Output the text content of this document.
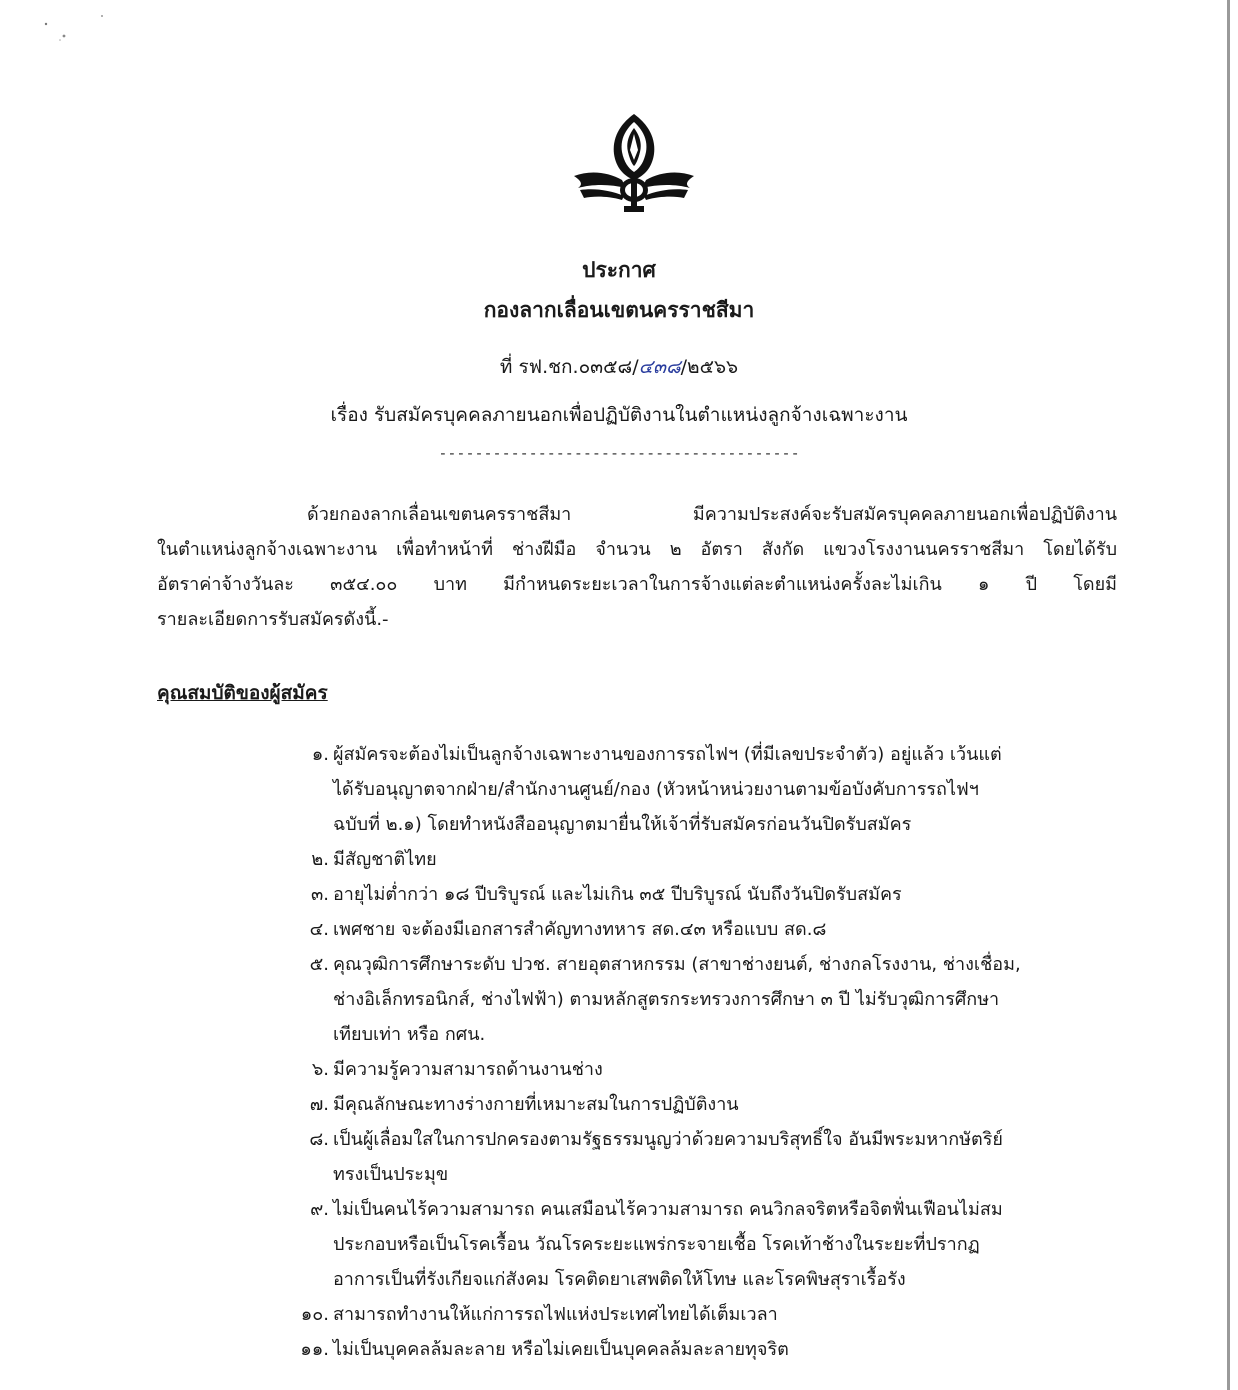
ประกาศ
กองลากเลื่อนเขตนครราชสีมา
ที่ รฟ.ชก.๐๓๕๘/๔๓๘/๒๕๖๖
เรื่อง รับสมัครบุคคลภายนอกเพื่อปฏิบัติงานในตำแหน่งลูกจ้างเฉพาะงาน
----------------------------------------
ด้วยกองลากเลื่อนเขตนครราชสีมา มีความประสงค์จะรับสมัครบุคคลภายนอกเพื่อปฏิบัติงาน
ในตำแหน่งลูกจ้างเฉพาะงาน เพื่อทำหน้าที่ ช่างฝีมือ จำนวน ๒ อัตรา สังกัด แขวงโรงงานนครราชสีมา โดยได้รับ
อัตราค่าจ้างวันละ ๓๕๔.๐๐ บาท มีกำหนดระยะเวลาในการจ้างแต่ละตำแหน่งครั้งละไม่เกิน ๑ ปี โดยมี
รายละเอียดการรับสมัครดังนี้.-
คุณสมบัติของผู้สมัคร
๑. ผู้สมัครจะต้องไม่เป็นลูกจ้างเฉพาะงานของการรถไฟฯ (ที่มีเลขประจำตัว) อยู่แล้ว เว้นแต่
ได้รับอนุญาตจากฝ่าย/สำนักงานศูนย์/กอง (หัวหน้าหน่วยงานตามข้อบังคับการรถไฟฯ
ฉบับที่ ๒.๑) โดยทำหนังสืออนุญาตมายื่นให้เจ้าที่รับสมัครก่อนวันปิดรับสมัคร
๒. มีสัญชาติไทย
๓. อายุไม่ต่ำกว่า ๑๘ ปีบริบูรณ์ และไม่เกิน ๓๕ ปีบริบูรณ์ นับถึงวันปิดรับสมัคร
๔. เพศชาย จะต้องมีเอกสารสำคัญทางทหาร สด.๔๓ หรือแบบ สด.๘
๕. คุณวุฒิการศึกษาระดับ ปวช. สายอุตสาหกรรม (สาขาช่างยนต์, ช่างกลโรงงาน, ช่างเชื่อม,
ช่างอิเล็กทรอนิกส์, ช่างไฟฟ้า) ตามหลักสูตรกระทรวงการศึกษา ๓ ปี ไม่รับวุฒิการศึกษา
เทียบเท่า หรือ กศน.
๖. มีความรู้ความสามารถด้านงานช่าง
๗. มีคุณลักษณะทางร่างกายที่เหมาะสมในการปฏิบัติงาน
๘. เป็นผู้เลื่อมใสในการปกครองตามรัฐธรรมนูญว่าด้วยความบริสุทธิ์ใจ อันมีพระมหากษัตริย์
ทรงเป็นประมุข
๙. ไม่เป็นคนไร้ความสามารถ คนเสมือนไร้ความสามารถ คนวิกลจริตหรือจิตฟั่นเฟือนไม่สม
ประกอบหรือเป็นโรคเรื้อน วัณโรคระยะแพร่กระจายเชื้อ โรคเท้าช้างในระยะที่ปรากฏ
อาการเป็นที่รังเกียจแก่สังคม โรคติดยาเสพติดให้โทษ และโรคพิษสุราเรื้อรัง
๑๐. สามารถทำงานให้แก่การรถไฟแห่งประเทศไทยได้เต็มเวลา
๑๑. ไม่เป็นบุคคลล้มละลาย หรือไม่เคยเป็นบุคคลล้มละลายทุจริต
